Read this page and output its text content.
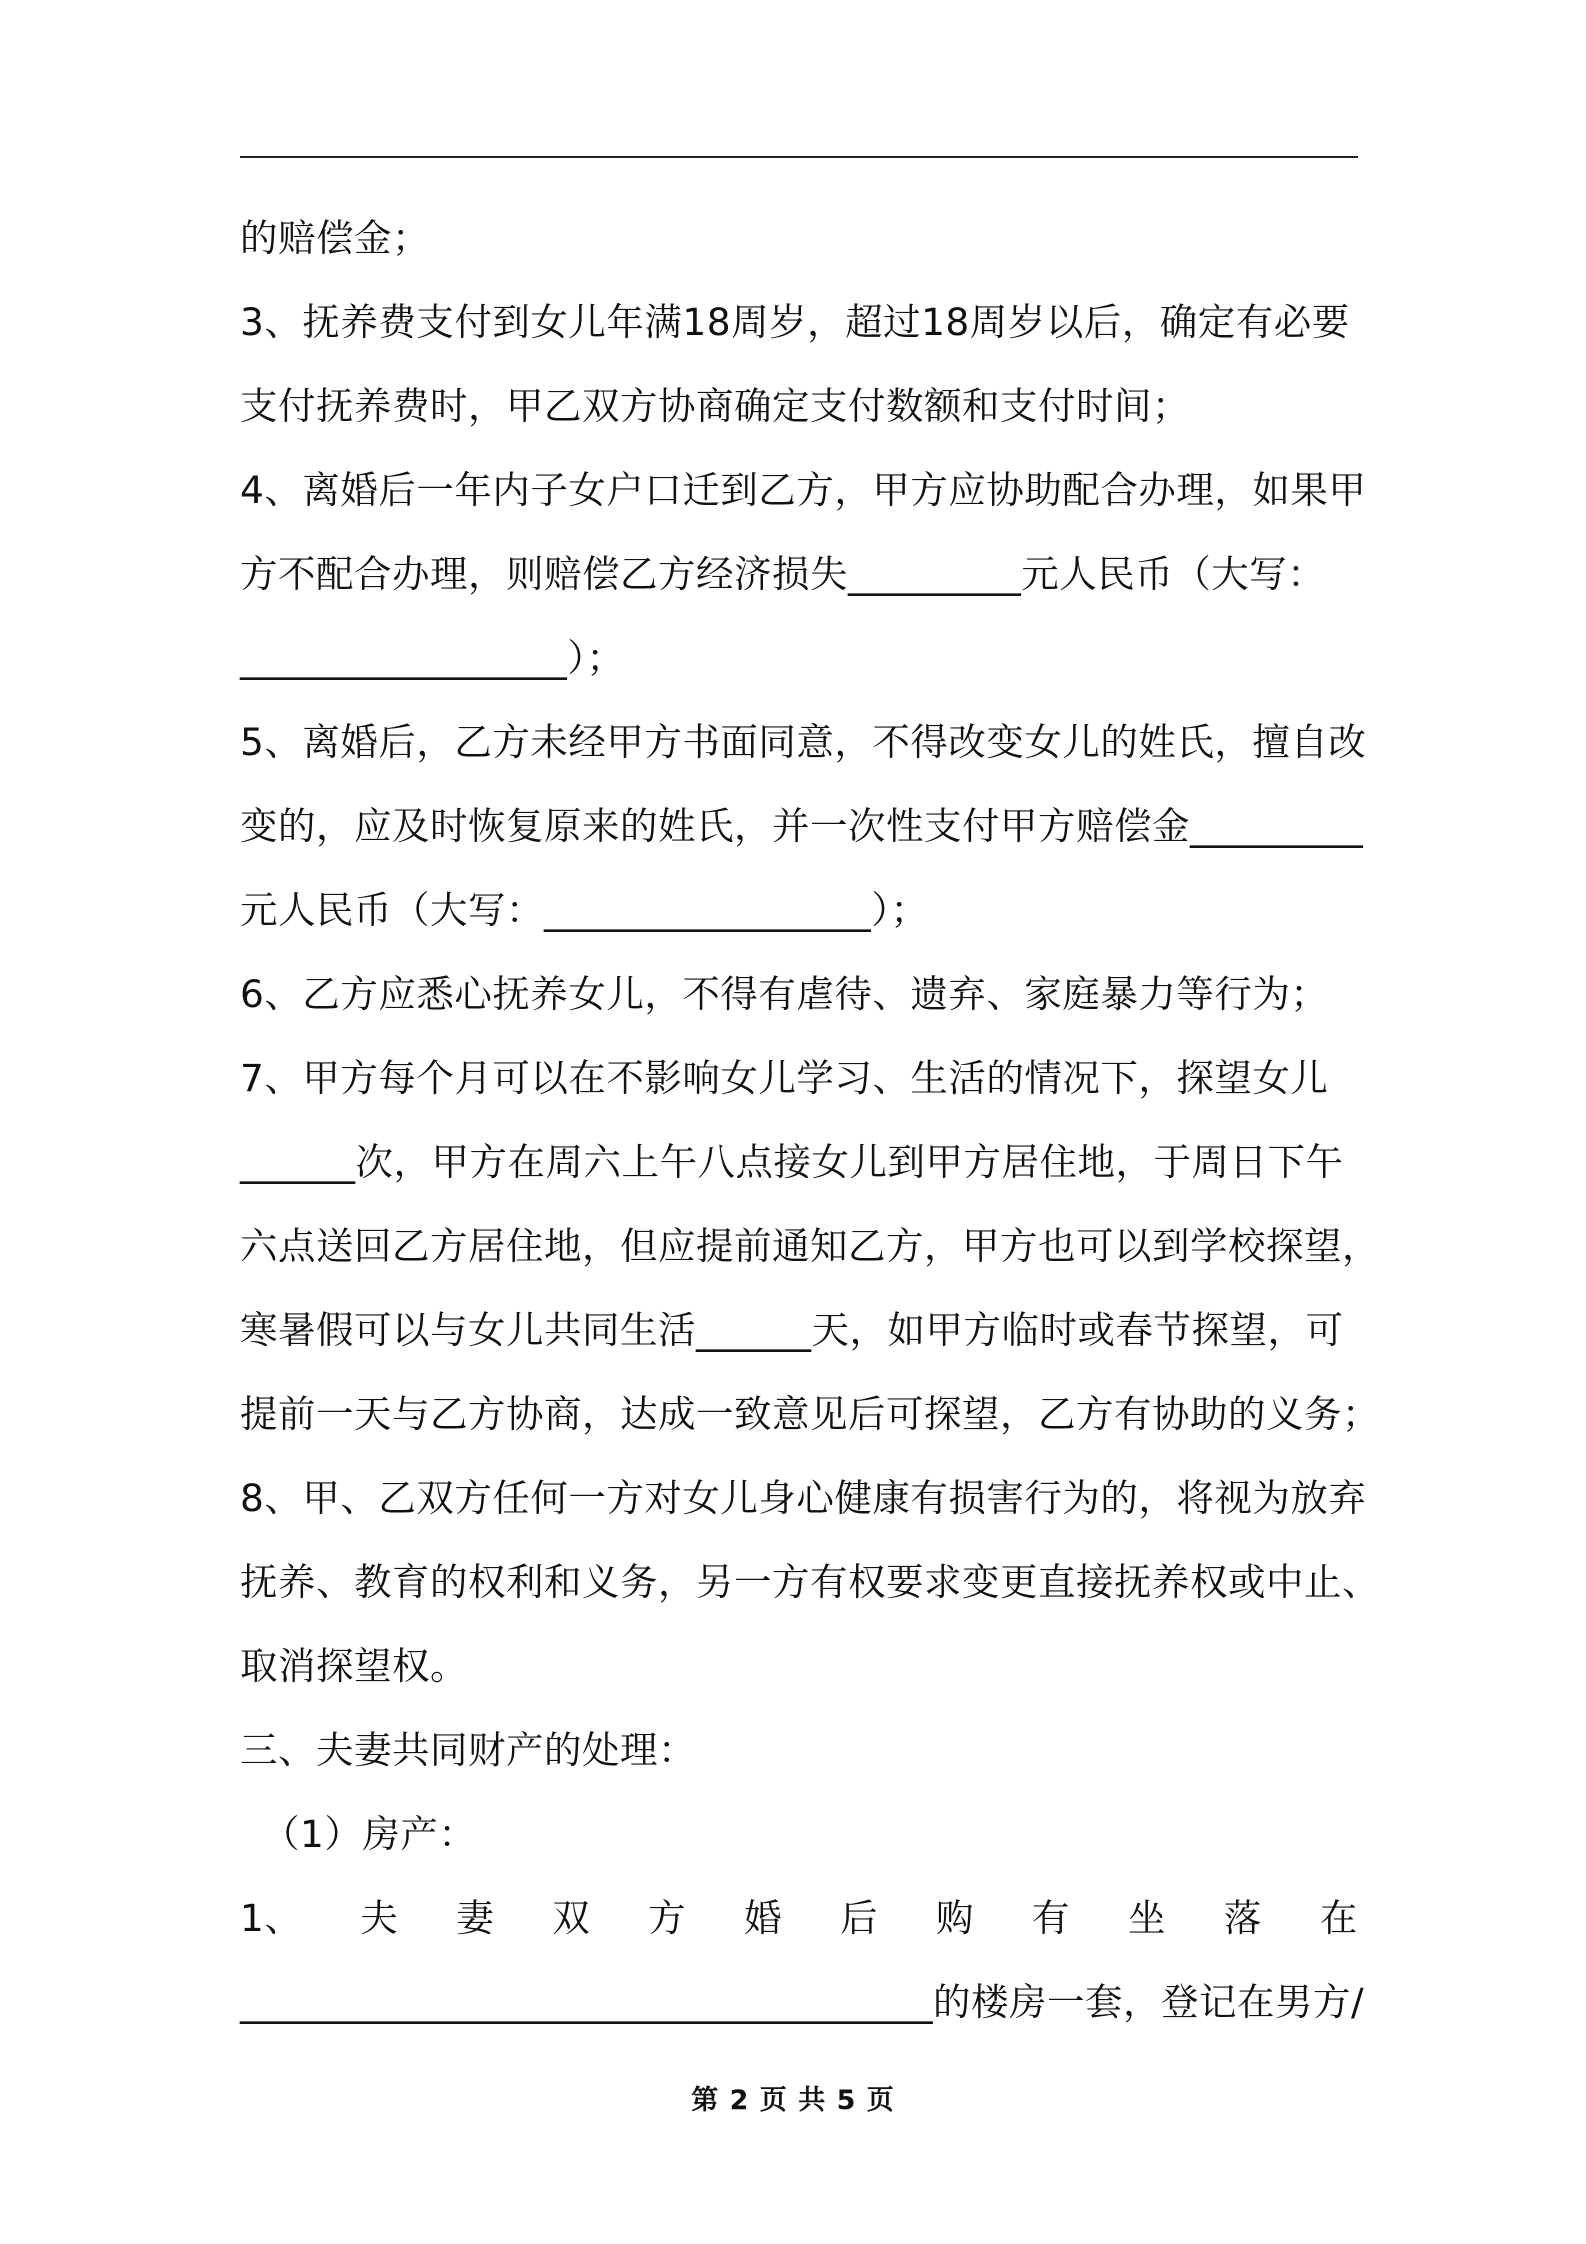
的赔偿金；
3、抚养费支付到女儿年满18周岁，超过18周岁以后，确定有必要
支付抚养费时，甲乙双方协商确定支付数额和支付时间；
4、离婚后一年内子女户口迁到乙方，甲方应协助配合办理，如果甲
方不配合办理，则赔偿乙方经济损失_________元人民币（大写：
_________________）；
5、离婚后，乙方未经甲方书面同意，不得改变女儿的姓氏，擅自改
变的，应及时恢复原来的姓氏，并一次性支付甲方赔偿金_________
元人民币（大写：_________________）；
6、乙方应悉心抚养女儿，不得有虐待、遗弃、家庭暴力等行为；
7、甲方每个月可以在不影响女儿学习、生活的情况下，探望女儿
______次，甲方在周六上午八点接女儿到甲方居住地，于周日下午
六点送回乙方居住地，但应提前通知乙方，甲方也可以到学校探望，
寒暑假可以与女儿共同生活______天，如甲方临时或春节探望，可
提前一天与乙方协商，达成一致意见后可探望，乙方有协助的义务；
8、甲、乙双方任何一方对女儿身心健康有损害行为的，将视为放弃
抚养、教育的权利和义务，另一方有权要求变更直接抚养权或中止、
取消探望权。
三、夫妻共同财产的处理：
（1）房产：
1、 夫 妻 双 方 婚 后 购 有 坐 落 在
____________________________________的楼房一套，登记在男方/
第 2 页 共 5 页
